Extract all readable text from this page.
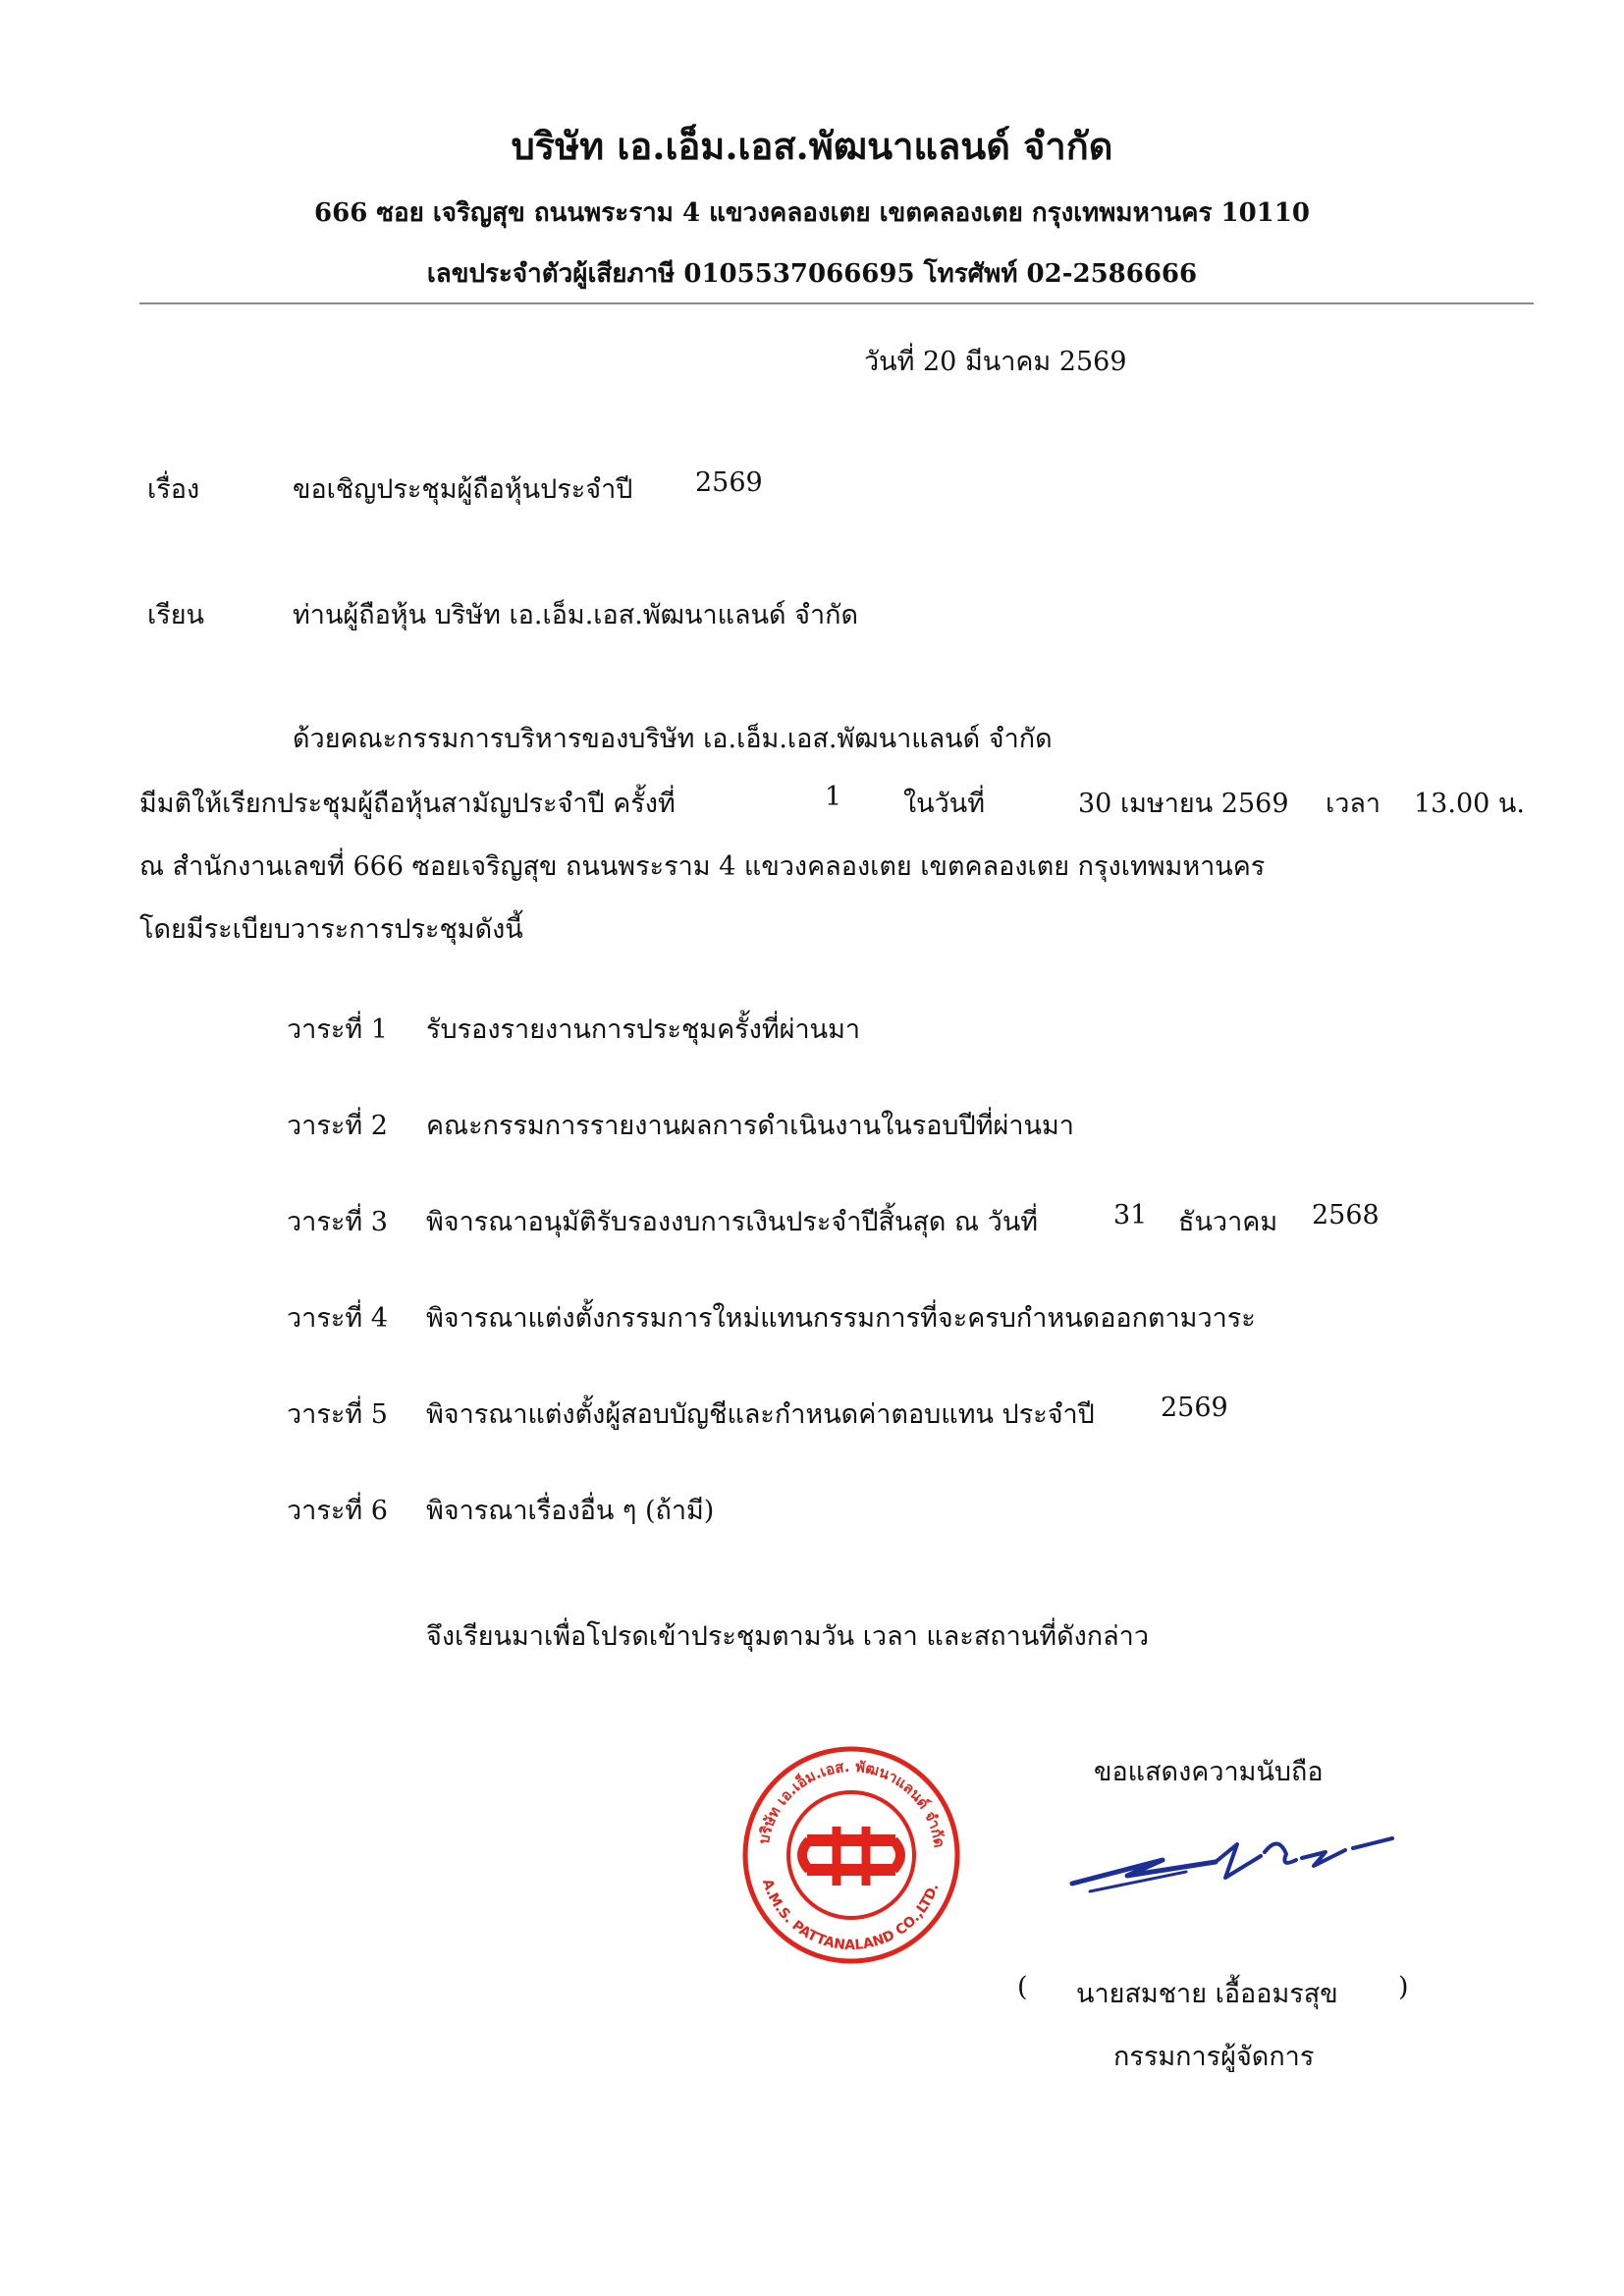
บริษัท เอ.เอ็ม.เอส.พัฒนาแลนด์ จำกัด
666 ซอย เจริญสุข ถนนพระราม 4 แขวงคลองเตย เขตคลองเตย กรุงเทพมหานคร 10110
เลขประจำตัวผู้เสียภาษี 0105537066695 โทรศัพท์ 02-2586666
วันที่ 20 มีนาคม 2569
เรื่อง	ขอเชิญประชุมผู้ถือหุ้นประจำปี 2569
เรียน	ท่านผู้ถือหุ้น บริษัท เอ.เอ็ม.เอส.พัฒนาแลนด์ จำกัด
ด้วยคณะกรรมการบริหารของบริษัท เอ.เอ็ม.เอส.พัฒนาแลนด์ จำกัด
มีมติให้เรียกประชุมผู้ถือหุ้นสามัญประจำปี ครั้งที่	1 ในวันที่	30 เมษายน 2569 เวลา 13.00 น.
ณ สำนักงานเลขที่ 666 ซอยเจริญสุข ถนนพระราม 4 แขวงคลองเตย เขตคลองเตย กรุงเทพมหานคร
โดยมีระเบียบวาระการประชุมดังนี้
วาระที่ 1 รับรองรายงานการประชุมครั้งที่ผ่านมา
วาระที่ 2 คณะกรรมการรายงานผลการดำเนินงานในรอบปีที่ผ่านมา
วาระที่ 3 พิจารณาอนุมัติรับรองงบการเงินประจำปีสิ้นสุด ณ วันที่	31 ธันวาคม 2568
วาระที่ 4 พิจารณาแต่งตั้งกรรมการใหม่แทนกรรมการที่จะครบกำหนดออกตามวาระ
วาระที่ 5 พิจารณาแต่งตั้งผู้สอบบัญชีและกำหนดค่าตอบแทน ประจำปี 2569
วาระที่ 6 พิจารณาเรื่องอื่น ๆ (ถ้ามี)
จึงเรียนมาเพื่อโปรดเข้าประชุมตามวัน เวลา และสถานที่ดังกล่าว
บริษัท เอ.เอ็ม.เอส. พัฒนาแลนด์ จำกัด
A.M.S. PATTANALAND CO.,LTD.
ขอแสดงความนับถือ
( นายสมชาย เอื้ออมรสุข )
กรรมการผู้จัดการ
